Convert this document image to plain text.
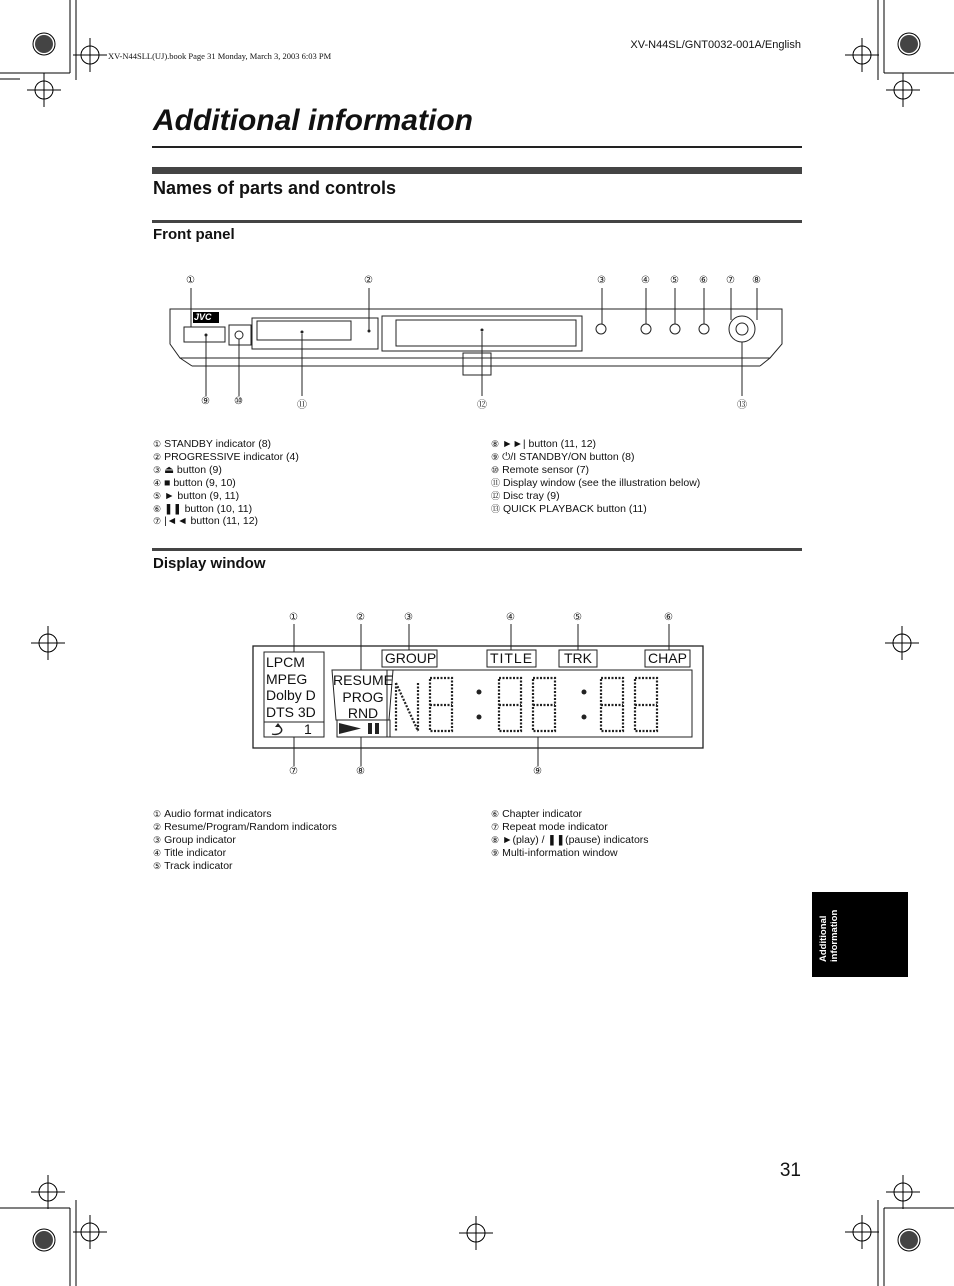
XV-N44SLL(UJ).book Page 31 Monday, March 3, 2003 6:03 PM
XV-N44SL/GNT0032-001A/English
Additional information
Names of parts and controls
Front panel
JVC
①	②	③	④ ⑤ ⑥ ⑦ ⑧
⑨ ⑩	⑪	⑫	⑬
① STANDBY indicator (8)
② PROGRESSIVE indicator (4)
③ ⏏ button (9)
④ ■ button (9, 10)
⑤ ► button (9, 11)
⑥ ❚❚ button (10, 11)
⑦ |◄◄ button (11, 12)
⑧ ►►| button (11, 12)
⑨ ⏻/I STANDBY/ON button (8)
⑩ Remote sensor (7)
⑪ Display window (see the illustration below)
⑫ Disc tray (9)
⑬ QUICK PLAYBACK button (11)
Display window
LPCM
MPEG
Dolby D
DTS 3D
RESUME
PROG
RND
1
GROUP	TITLE	TRK	CHAP
①	②	③	④	⑤	⑥
⑦	⑧	⑨
① Audio format indicators
② Resume/Program/Random indicators
③ Group indicator
④ Title indicator
⑤ Track indicator
⑥ Chapter indicator
⑦ Repeat mode indicator
⑧ ►(play) / ❚❚(pause) indicators
⑨ Multi-information window
Additional information
31
